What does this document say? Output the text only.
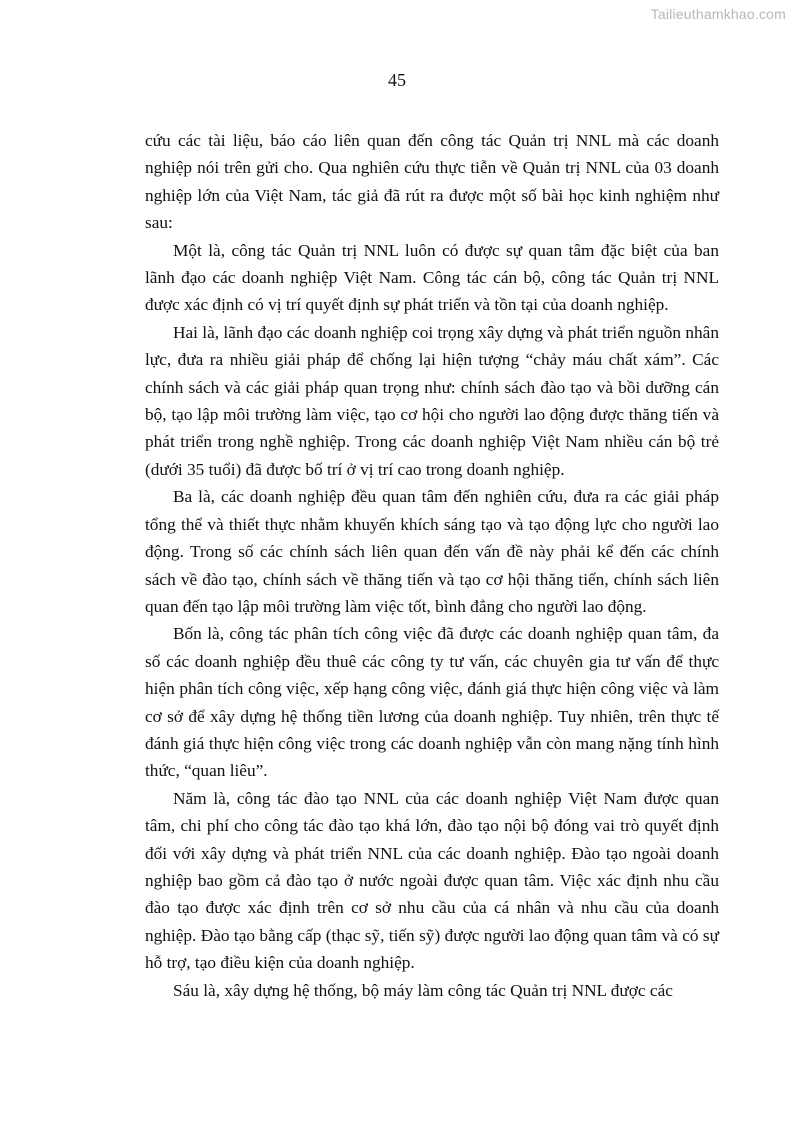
Tailieuthamkhao.com
45

cứu các tài liệu, báo cáo liên quan đến công tác Quản trị NNL mà các doanh nghiệp nói trên gửi cho. Qua nghiên cứu thực tiễn về Quản trị NNL của 03 doanh nghiệp lớn của Việt Nam, tác giả đã rút ra được một số bài học kinh nghiệm như sau:

Một là, công tác Quản trị NNL luôn có được sự quan tâm đặc biệt của ban lãnh đạo các doanh nghiệp Việt Nam. Công tác cán bộ, công tác Quản trị NNL được xác định có vị trí quyết định sự phát triển và tồn tại của doanh nghiệp.

Hai là, lãnh đạo các doanh nghiệp coi trọng xây dựng và phát triển nguồn nhân lực, đưa ra nhiều giải pháp để chống lại hiện tượng “chảy máu chất xám”. Các chính sách và các giải pháp quan trọng như: chính sách đào tạo và bồi dưỡng cán bộ, tạo lập môi trường làm việc, tạo cơ hội cho người lao động được thăng tiến và phát triển trong nghề nghiệp. Trong các doanh nghiệp Việt Nam nhiều cán bộ trẻ (dưới 35 tuổi) đã được bố trí ở vị trí cao trong doanh nghiệp.

Ba là, các doanh nghiệp đều quan tâm đến nghiên cứu, đưa ra các giải pháp tổng thể và thiết thực nhằm khuyến khích sáng tạo và tạo động lực cho người lao động. Trong số các chính sách liên quan đến vấn đề này phải kể đến các chính sách về đào tạo, chính sách về thăng tiến và tạo cơ hội thăng tiến, chính sách liên quan đến tạo lập môi trường làm việc tốt, bình đẳng cho người lao động.

Bốn là, công tác phân tích công việc đã được các doanh nghiệp quan tâm, đa số các doanh nghiệp đều thuê các công ty tư vấn, các chuyên gia tư vấn để thực hiện phân tích công việc, xếp hạng công việc, đánh giá thực hiện công việc và làm cơ sở để xây dựng hệ thống tiền lương của doanh nghiệp. Tuy nhiên, trên thực tế đánh giá thực hiện công việc trong các doanh nghiệp vẫn còn mang nặng tính hình thức, “quan liêu”.

Năm là, công tác đào tạo NNL của các doanh nghiệp Việt Nam được quan tâm, chi phí cho công tác đào tạo khá lớn, đào tạo nội bộ đóng vai trò quyết định đối với xây dựng và phát triển NNL của các doanh nghiệp. Đào tạo ngoài doanh nghiệp bao gồm cả đào tạo ở nước ngoài được quan tâm. Việc xác định nhu cầu đào tạo được xác định trên cơ sở nhu cầu của cá nhân và nhu cầu của doanh nghiệp. Đào tạo bằng cấp (thạc sỹ, tiến sỹ) được người lao động quan tâm và có sự hỗ trợ, tạo điều kiện của doanh nghiệp.

Sáu là, xây dựng hệ thống, bộ máy làm công tác Quản trị NNL được các
